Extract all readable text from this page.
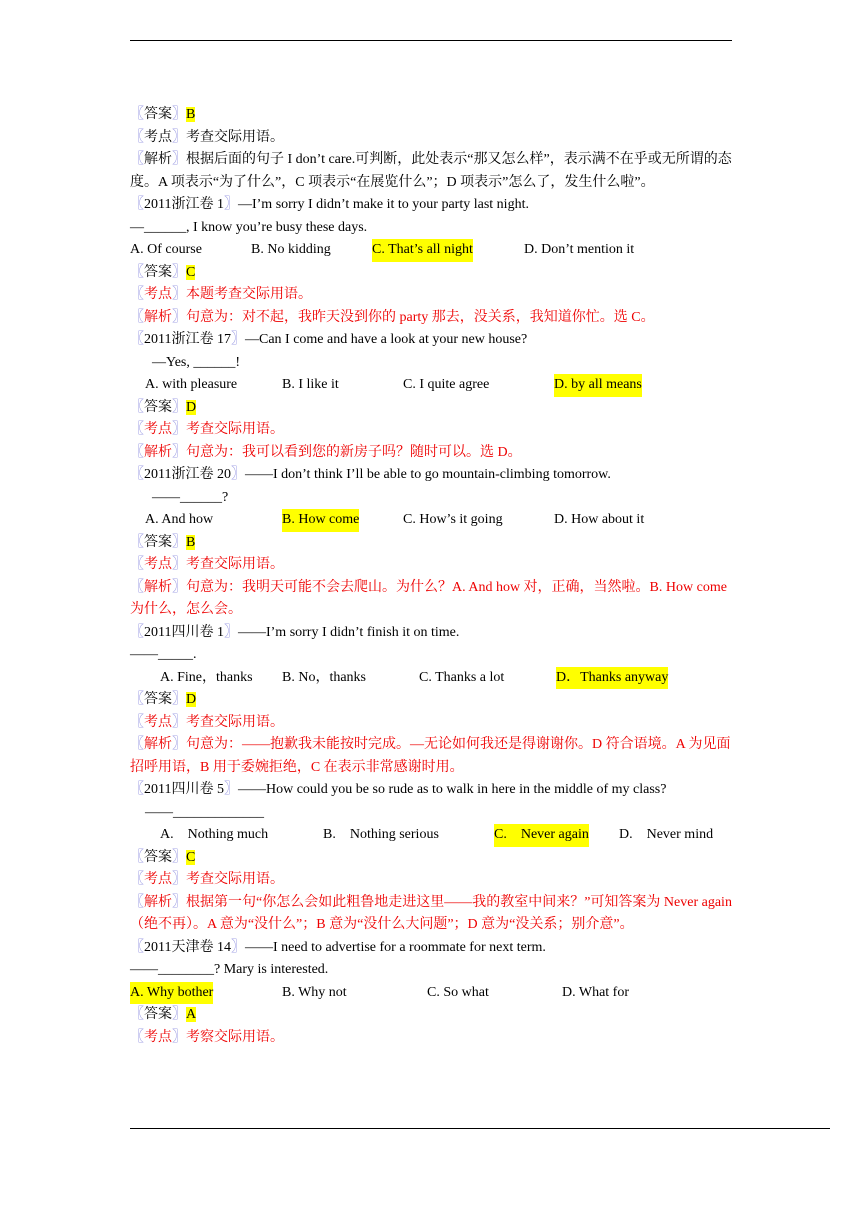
〖答案〗B
〖考点〗考查交际用语。
〖解析〗根据后面的句子 I don’t care.可判断，此处表示“那又怎么样”，表示满不在乎或无所谓的态度。A 项表示“为了什么”，C 项表示“在展览什么”；D 项表示”怎么了，发生什么啦”。
〖2011浙江卷 1〗—I’m sorry I didn’t make it to your party last night.
—______, I know you’re busy these days.
A. Of course	B. No kidding	C. That’s all night	D. Don’t mention it
〖答案〗C
〖考点〗本题考查交际用语。
〖解析〗句意为：对不起，我昨天没到你的 party 那去，没关系，我知道你忙。选 C。
〖2011浙江卷 17〗—Can I come and have a look at your new house?
—Yes, ______!
A. with pleasure	B. I like it	C. I quite agree	D. by all means
〖答案〗D
〖考点〗考查交际用语。
〖解析〗句意为：我可以看到您的新房子吗？随时可以。选 D。
〖2011浙江卷 20〗——I don’t think I’ll be able to go mountain-climbing tomorrow.
——______?
A. And how	B. How come	C. How’s it going	D. How about it
〖答案〗B
〖考点〗考查交际用语。
〖解析〗句意为：我明天可能不会去爬山。为什么？A. And how 对，正确，当然啦。B. How come 为什么，怎么会。
〖2011四川卷 1〗——I’m sorry I didn’t finish it on time.
——_____.
A. Fine，thanks B. No，thanks	C. Thanks a lot	D．Thanks anyway
〖答案〗D
〖考点〗考查交际用语。
〖解析〗句意为：——抱歉我未能按时完成。—无论如何我还是得谢谢你。D 符合语境。A 为见面招呼用语，B 用于委婉拒绝，C 在表示非常感谢时用。
〖2011四川卷 5〗——How could you be so rude as to walk in here in the middle of my class?
——_____________
A.    Nothing much	B.    Nothing serious	C.    Never again D.    Never mind
〖答案〗C
〖考点〗考查交际用语。
〖解析〗根据第一句“你怎么会如此粗鲁地走进这里——我的教室中间来？”可知答案为 Never again（绝不再）。A 意为“没什么”；B 意为“没什么大问题”；D 意为“没关系；别介意”。
〖2011天津卷 14〗——I need to advertise for a roommate for next term.
——________? Mary is interested.
A. Why bother	B. Why not	C. So what	D. What for
〖答案〗A
〖考点〗考察交际用语。
